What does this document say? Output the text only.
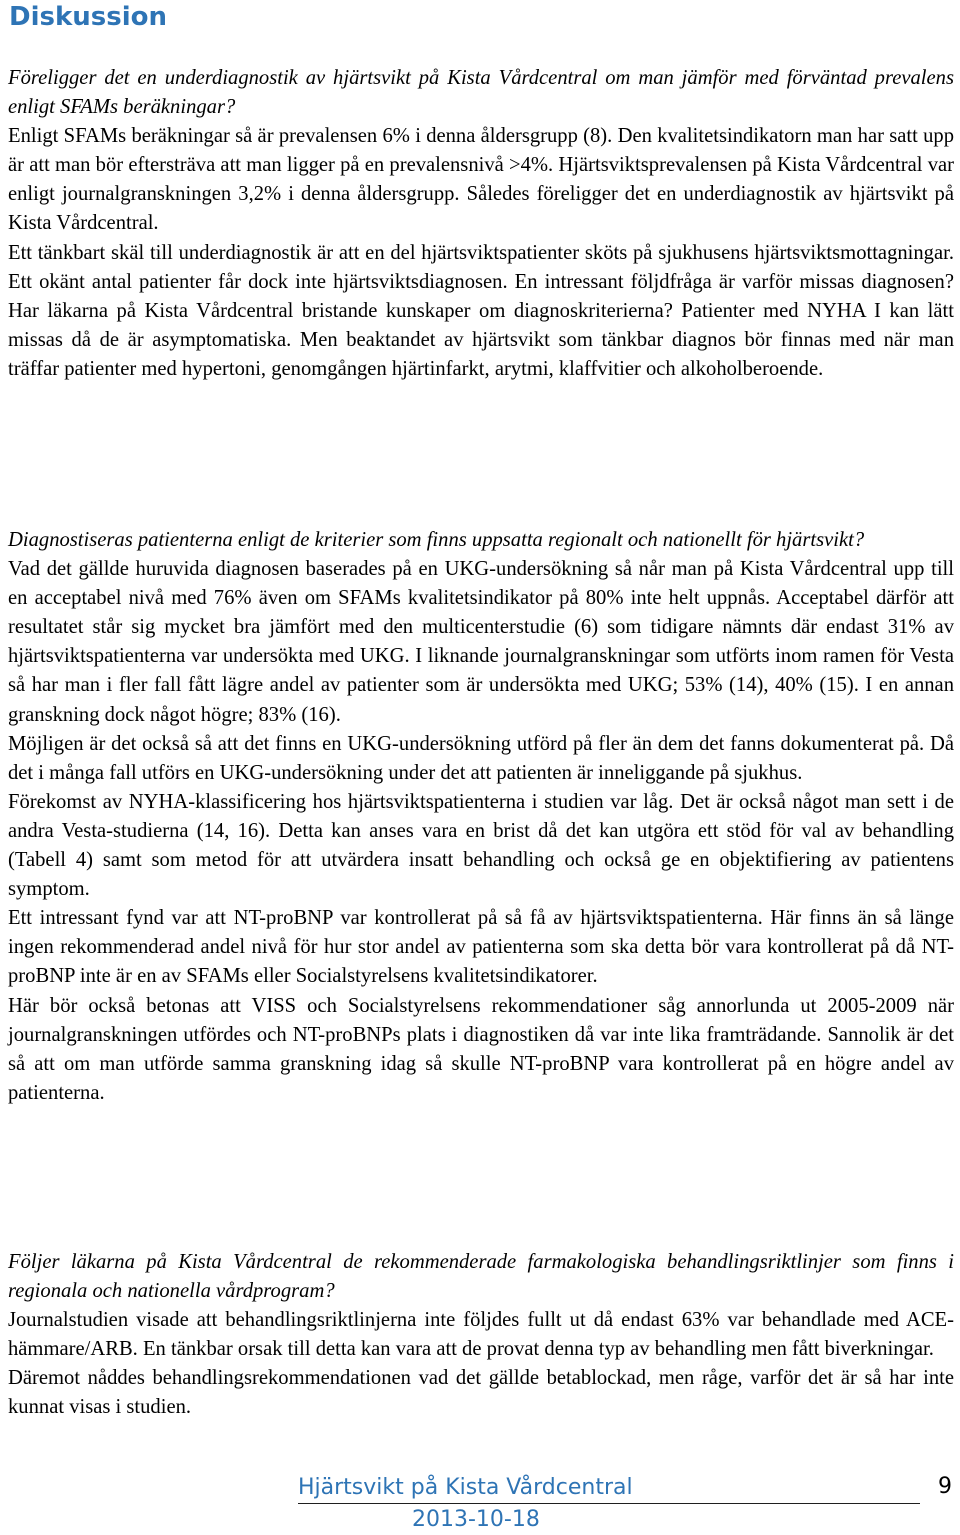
Diskussion

Föreligger det en underdiagnostik av hjärtsvikt på Kista Vårdcentral om man jämför med förväntad prevalens enligt SFAMs beräkningar?

Enligt SFAMs beräkningar så är prevalensen 6% i denna åldersgrupp (8). Den kvalitetsindikatorn man har satt upp är att man bör eftersträva att man ligger på en prevalensnivå >4%. Hjärtsviktsprevalensen på Kista Vårdcentral var enligt journalgranskningen 3,2% i denna åldersgrupp. Således föreligger det en underdiagnostik av hjärtsvikt på Kista Vårdcentral.

Ett tänkbart skäl till underdiagnostik är att en del hjärtsviktspatienter sköts på sjukhusens hjärtsviktsmottagningar. Ett okänt antal patienter får dock inte hjärtsviktsdiagnosen. En intressant följdfråga är varför missas diagnosen? Har läkarna på Kista Vårdcentral bristande kunskaper om diagnoskriterierna? Patienter med NYHA I kan lätt missas då de är asymptomatiska. Men beaktandet av hjärtsvikt som tänkbar diagnos bör finnas med när man träffar patienter med hypertoni, genomgången hjärtinfarkt, arytmi, klaffvitier och alkoholberoende.

Diagnostiseras patienterna enligt de kriterier som finns uppsatta regionalt och nationellt för hjärtsvikt?

Vad det gällde huruvida diagnosen baserades på en UKG-undersökning så når man på Kista Vårdcentral upp till en acceptabel nivå med 76% även om SFAMs kvalitetsindikator på 80% inte helt uppnås. Acceptabel därför att resultatet står sig mycket bra jämfört med den multicenterstudie (6) som tidigare nämnts där endast 31% av hjärtsviktspatienterna var undersökta med UKG. I liknande journalgranskningar som utförts inom ramen för Vesta så har man i fler fall fått lägre andel av patienter som är undersökta med UKG; 53% (14), 40% (15). I en annan granskning dock något högre; 83% (16).

Möjligen är det också så att det finns en UKG-undersökning utförd på fler än dem det fanns dokumenterat på. Då det i många fall utförs en UKG-undersökning under det att patienten är inneliggande på sjukhus.

Förekomst av NYHA-klassificering hos hjärtsviktspatienterna i studien var låg. Det är också något man sett i de andra Vesta-studierna (14, 16). Detta kan anses vara en brist då det kan utgöra ett stöd för val av behandling (Tabell 4) samt som metod för att utvärdera insatt behandling och också ge en objektifiering av patientens symptom.

Ett intressant fynd var att NT-proBNP var kontrollerat på så få av hjärtsviktspatienterna. Här finns än så länge ingen rekommenderad andel nivå för hur stor andel av patienterna som ska detta bör vara kontrollerat på då NT-proBNP inte är en av SFAMs eller Socialstyrelsens kvalitetsindikatorer.

Här bör också betonas att VISS och Socialstyrelsens rekommendationer såg annorlunda ut 2005-2009 när journalgranskningen utfördes och NT-proBNPs plats i diagnostiken då var inte lika framträdande. Sannolik är det så att om man utförde samma granskning idag så skulle NT-proBNP vara kontrollerat på en högre andel av patienterna.

Följer läkarna på Kista Vårdcentral de rekommenderade farmakologiska behandlingsriktlinjer som finns i regionala och nationella vårdprogram?

Journalstudien visade att behandlingsriktlinjerna inte följdes fullt ut då endast 63% var behandlade med ACE-hämmare/ARB. En tänkbar orsak till detta kan vara att de provat denna typ av behandling men fått biverkningar.

Däremot nåddes behandlingsrekommendationen vad det gällde betablockad, men råge, varför det är så har inte kunnat visas i studien.

Hjärtsvikt på Kista Vårdcentral	9
2013-10-18
